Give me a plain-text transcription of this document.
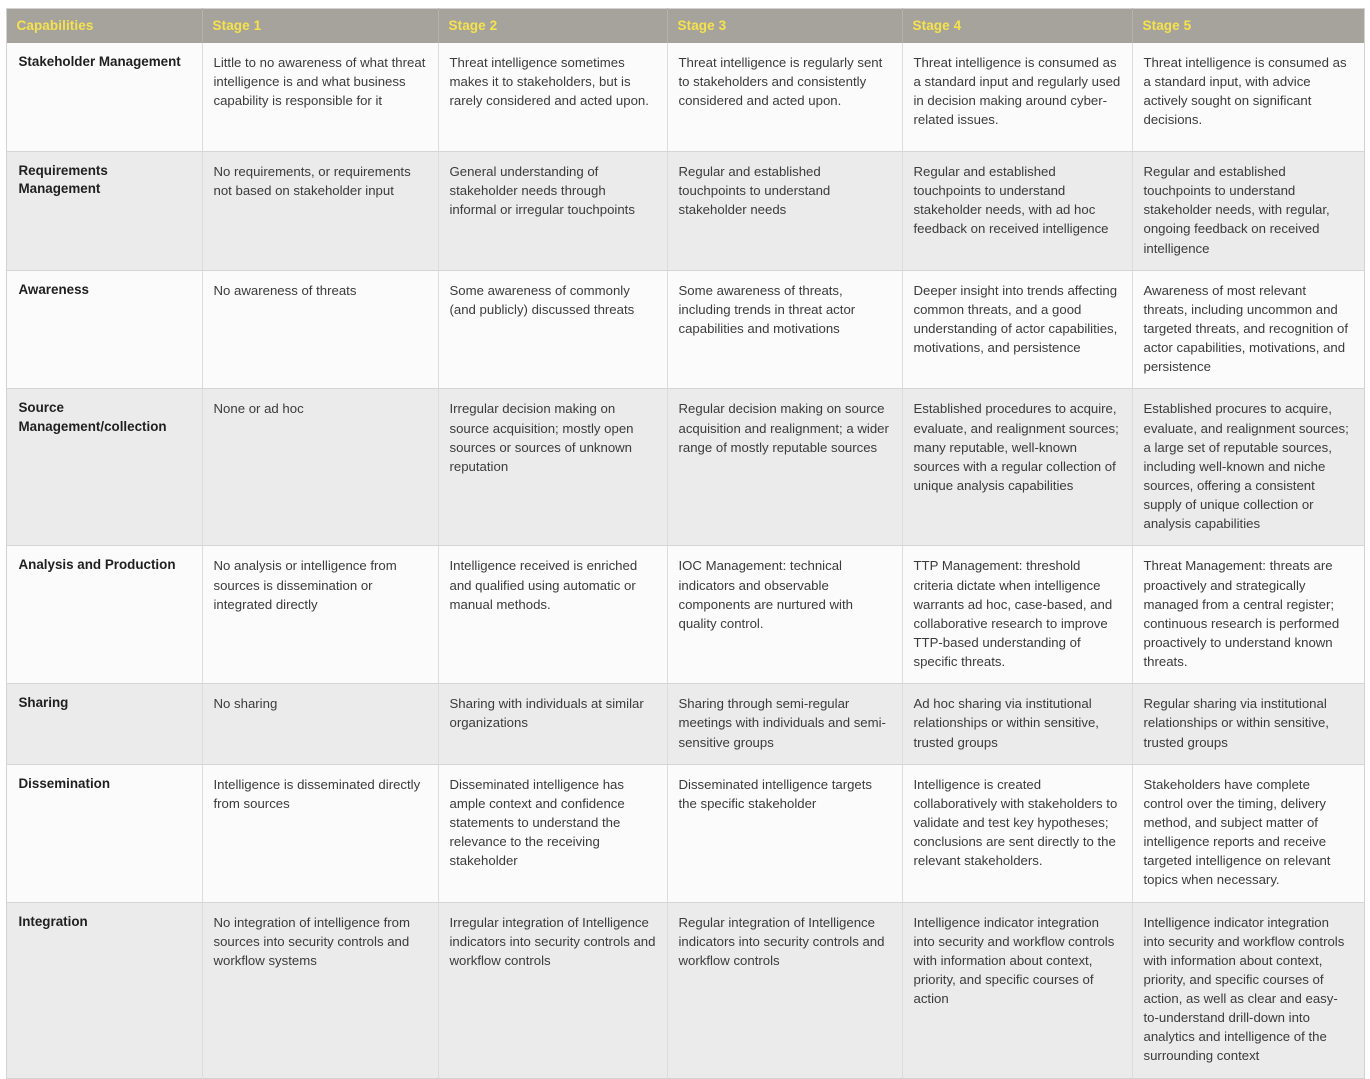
Capabilities	Stage 1	Stage 2	Stage 3	Stage 4	Stage 5
Stakeholder Management	Little to no awareness of what threat intelligence is and what business capability is responsible for it	Threat intelligence sometimes makes it to stakeholders, but is rarely considered and acted upon.	Threat intelligence is regularly sent to stakeholders and consistently considered and acted upon.	Threat intelligence is consumed as a standard input and regularly used in decision making around cyber-related issues.	Threat intelligence is consumed as a standard input, with advice actively sought on significant decisions.
Requirements Management	No requirements, or requirements not based on stakeholder input	General understanding of stakeholder needs through informal or irregular touchpoints	Regular and established touchpoints to understand stakeholder needs	Regular and established touchpoints to understand stakeholder needs, with ad hoc feedback on received intelligence	Regular and established touchpoints to understand stakeholder needs, with regular, ongoing feedback on received intelligence
Awareness	No awareness of threats	Some awareness of commonly (and publicly) discussed threats	Some awareness of threats, including trends in threat actor capabilities and motivations	Deeper insight into trends affecting common threats, and a good understanding of actor capabilities, motivations, and persistence	Awareness of most relevant threats, including uncommon and targeted threats, and recognition of actor capabilities, motivations, and persistence
Source Management/collection	None or ad hoc	Irregular decision making on source acquisition; mostly open sources or sources of unknown reputation	Regular decision making on source acquisition and realignment; a wider range of mostly reputable sources	Established procedures to acquire, evaluate, and realignment sources; many reputable, well-known sources with a regular collection of unique analysis capabilities	Established procures to acquire, evaluate, and realignment sources; a large set of reputable sources, including well-known and niche sources, offering a consistent supply of unique collection or analysis capabilities
Analysis and Production	No analysis or intelligence from sources is dissemination or integrated directly	Intelligence received is enriched and qualified using automatic or manual methods.	IOC Management: technical indicators and observable components are nurtured with quality control.	TTP Management: threshold criteria dictate when intelligence warrants ad hoc, case-based, and collaborative research to improve TTP-based understanding of specific threats.	Threat Management: threats are proactively and strategically managed from a central register; continuous research is performed proactively to understand known threats.
Sharing	No sharing	Sharing with individuals at similar organizations	Sharing through semi-regular meetings with individuals and semi-sensitive groups	Ad hoc sharing via institutional relationships or within sensitive, trusted groups	Regular sharing via institutional relationships or within sensitive, trusted groups
Dissemination	Intelligence is disseminated directly from sources	Disseminated intelligence has ample context and confidence statements to understand the relevance to the receiving stakeholder	Disseminated intelligence targets the specific stakeholder	Intelligence is created collaboratively with stakeholders to validate and test key hypotheses; conclusions are sent directly to the relevant stakeholders.	Stakeholders have complete control over the timing, delivery method, and subject matter of intelligence reports and receive targeted intelligence on relevant topics when necessary.
Integration	No integration of intelligence from sources into security controls and workflow systems	Irregular integration of Intelligence indicators into security controls and workflow controls	Regular integration of Intelligence indicators into security controls and workflow controls	Intelligence indicator integration into security and workflow controls with information about context, priority, and specific courses of action	Intelligence indicator integration into security and workflow controls with information about context, priority, and specific courses of action, as well as clear and easy-to-understand drill-down into analytics and intelligence of the surrounding context
